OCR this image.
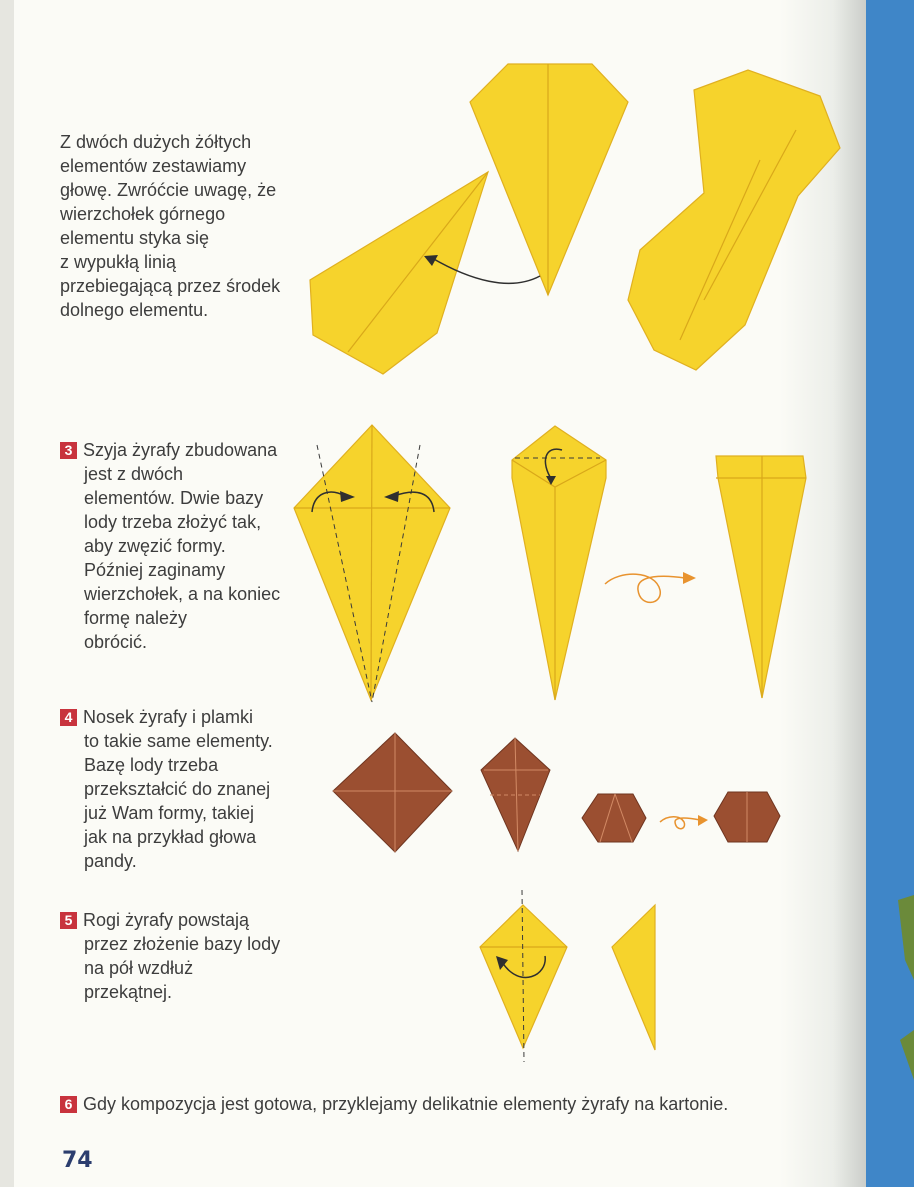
Z dwóch dużych żółtych

elementów zestawiamy

głowę. Zwróćcie uwagę, że

wierzchołek górnego

elementu styka się

z wypukłą linią

przebiegającą przez środek

dolnego elementu.

3 Szyja żyrafy zbudowana

jest z dwóch

elementów. Dwie bazy

lody trzeba złożyć tak,

aby zwęzić formy.

Później zaginamy

wierzchołek, a na koniec

formę należy

obrócić.

4 Nosek żyrafy i plamki

to takie same elementy.

Bazę lody trzeba

przekształcić do znanej

już Wam formy, takiej

jak na przykład głowa

pandy.

5 Rogi żyrafy powstają

przez złożenie bazy lody

na pół wzdłuż

przekątnej.

6 Gdy kompozycja jest gotowa, przyklejamy delikatnie elementy żyrafy na kartonie.
74
